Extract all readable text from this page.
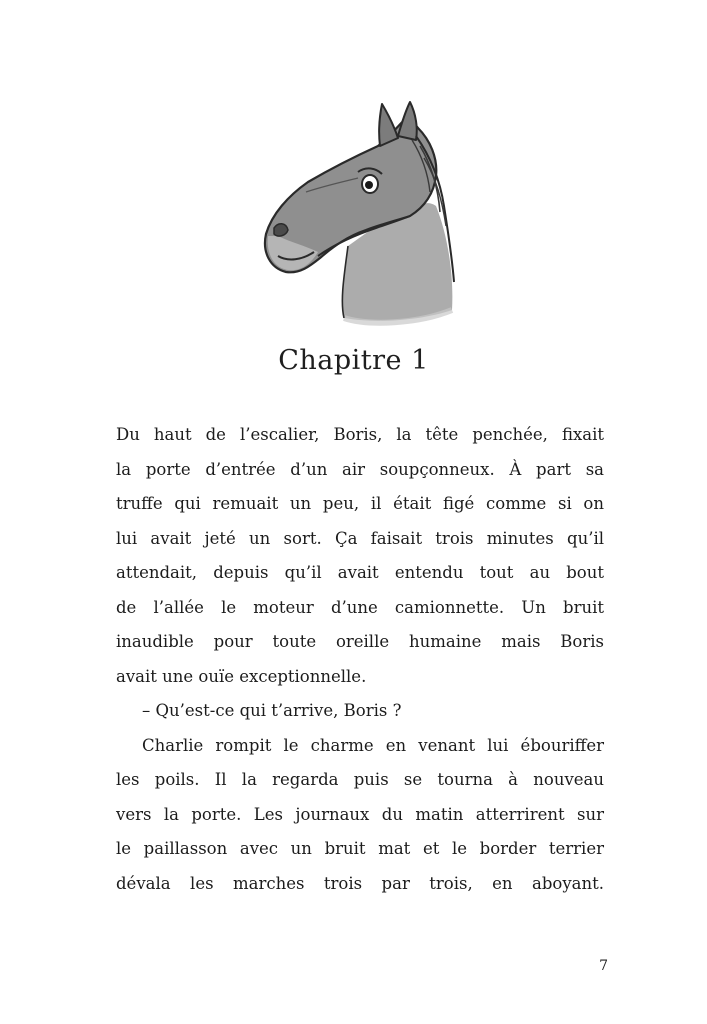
Chapitre 1
Du haut de l’escalier, Boris, la tête penchée, fixait
la porte d’entrée d’un air soupçonneux. À part sa
truffe qui remuait un peu, il était figé comme si on
lui avait jeté un sort. Ça faisait trois minutes qu’il
attendait, depuis qu’il avait entendu tout au bout
de l’allée le moteur d’une camionnette. Un bruit
inaudible pour toute oreille humaine mais Boris
avait une ouïe exceptionnelle.
– Qu’est-ce qui t’arrive, Boris ?
Charlie rompit le charme en venant lui ébouriffer
les poils. Il la regarda puis se tourna à nouveau
vers la porte. Les journaux du matin atterrirent sur
le paillasson avec un bruit mat et le border terrier
dévala les marches trois par trois, en aboyant.
7
